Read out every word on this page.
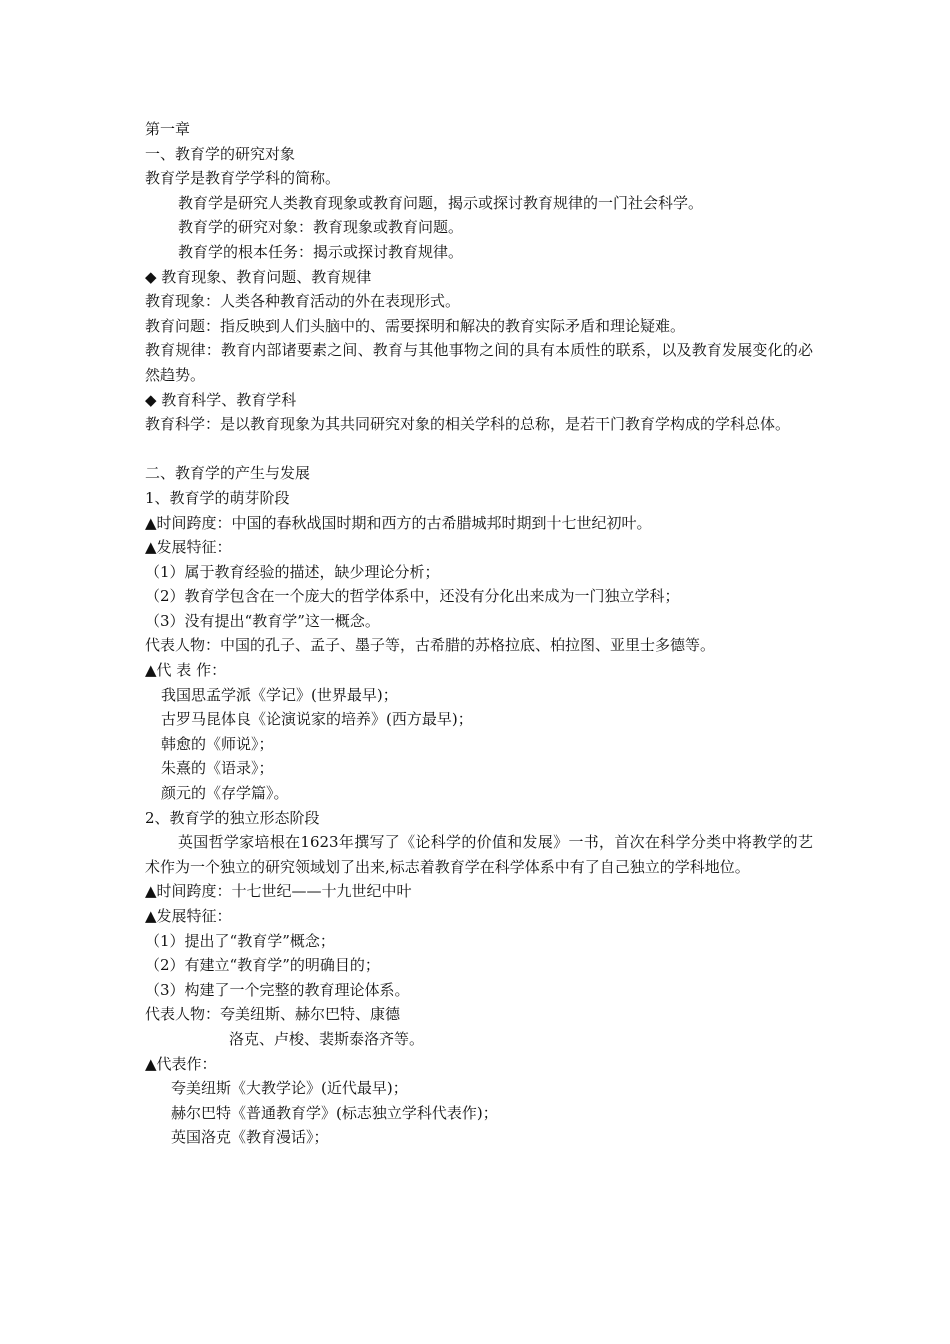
第一章
一、教育学的研究对象
教育学是教育学学科的简称。
教育学是研究人类教育现象或教育问题，揭示或探讨教育规律的一门社会科学。
教育学的研究对象：教育现象或教育问题。
教育学的根本任务：揭示或探讨教育规律。
◆ 教育现象、教育问题、教育规律
教育现象：人类各种教育活动的外在表现形式。
教育问题：指反映到人们头脑中的、需要探明和解决的教育实际矛盾和理论疑难。
教育规律：教育内部诸要素之间、教育与其他事物之间的具有本质性的联系，以及教育发展变化的必然趋势。
◆ 教育科学、教育学科
教育科学：是以教育现象为其共同研究对象的相关学科的总称，是若干门教育学构成的学科总体。
二、教育学的产生与发展
1、教育学的萌芽阶段
▲时间跨度：中国的春秋战国时期和西方的古希腊城邦时期到十七世纪初叶。
▲发展特征：
（1）属于教育经验的描述，缺少理论分析；
（2）教育学包含在一个庞大的哲学体系中，还没有分化出来成为一门独立学科；
（3）没有提出“教育学”这一概念。
代表人物：中国的孔子、孟子、墨子等，古希腊的苏格拉底、柏拉图、亚里士多德等。
▲代 表 作：
我国思孟学派《学记》(世界最早)；
古罗马昆体良《论演说家的培养》(西方最早)；
韩愈的《师说》；
朱熹的《语录》；
颜元的《存学篇》。
2、教育学的独立形态阶段
英国哲学家培根在1623年撰写了《论科学的价值和发展》一书，首次在科学分类中将教学的艺术作为一个独立的研究领域划了出来,标志着教育学在科学体系中有了自己独立的学科地位。
▲时间跨度：十七世纪——十九世纪中叶
▲发展特征：
（1）提出了“教育学”概念；
（2）有建立“教育学”的明确目的；
（3）构建了一个完整的教育理论体系。
代表人物：夸美纽斯、赫尔巴特、康德
洛克、卢梭、裴斯泰洛齐等。
▲代表作：
夸美纽斯《大教学论》(近代最早)；
赫尔巴特《普通教育学》(标志独立学科代表作)；
英国洛克《教育漫话》；
